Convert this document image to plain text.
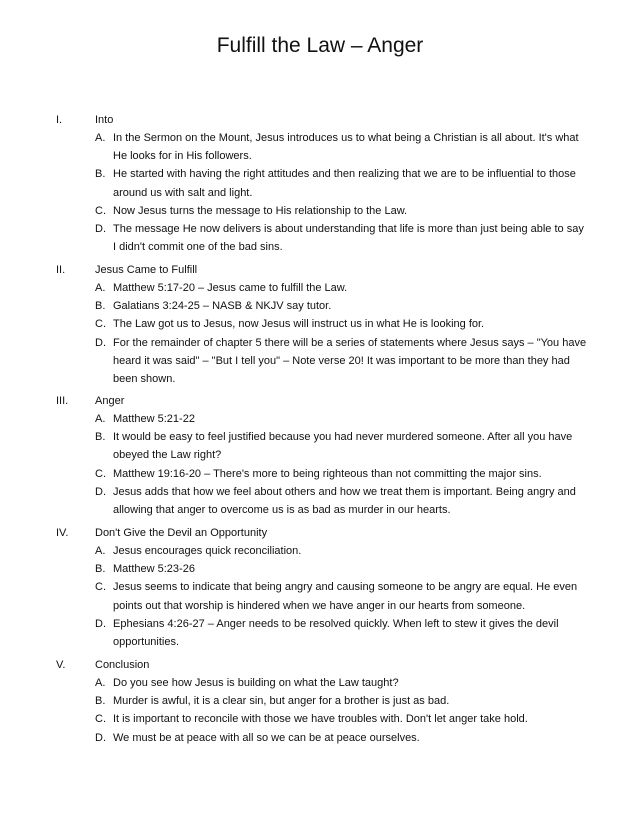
Fulfill the Law – Anger
I.	Into
A. In the Sermon on the Mount, Jesus introduces us to what being a Christian is all about. It's what He looks for in His followers.
B. He started with having the right attitudes and then realizing that we are to be influential to those around us with salt and light.
C. Now Jesus turns the message to His relationship to the Law.
D. The message He now delivers is about understanding that life is more than just being able to say I didn't commit one of the bad sins.
II.	Jesus Came to Fulfill
A. Matthew 5:17-20 – Jesus came to fulfill the Law.
B. Galatians 3:24-25 – NASB & NKJV say tutor.
C. The Law got us to Jesus, now Jesus will instruct us in what He is looking for.
D. For the remainder of chapter 5 there will be a series of statements where Jesus says – "You have heard it was said" – "But I tell you" – Note verse 20! It was important to be more than they had been shown.
III. Anger
A. Matthew 5:21-22
B. It would be easy to feel justified because you had never murdered someone. After all you have obeyed the Law right?
C. Matthew 19:16-20 – There's more to being righteous than not committing the major sins.
D. Jesus adds that how we feel about others and how we treat them is important. Being angry and allowing that anger to overcome us is as bad as murder in our hearts.
IV. Don't Give the Devil an Opportunity
A. Jesus encourages quick reconciliation.
B. Matthew 5:23-26
C. Jesus seems to indicate that being angry and causing someone to be angry are equal. He even points out that worship is hindered when we have anger in our hearts from someone.
D. Ephesians 4:26-27 – Anger needs to be resolved quickly. When left to stew it gives the devil opportunities.
V.	Conclusion
A. Do you see how Jesus is building on what the Law taught?
B. Murder is awful, it is a clear sin, but anger for a brother is just as bad.
C. It is important to reconcile with those we have troubles with. Don't let anger take hold.
D. We must be at peace with all so we can be at peace ourselves.
